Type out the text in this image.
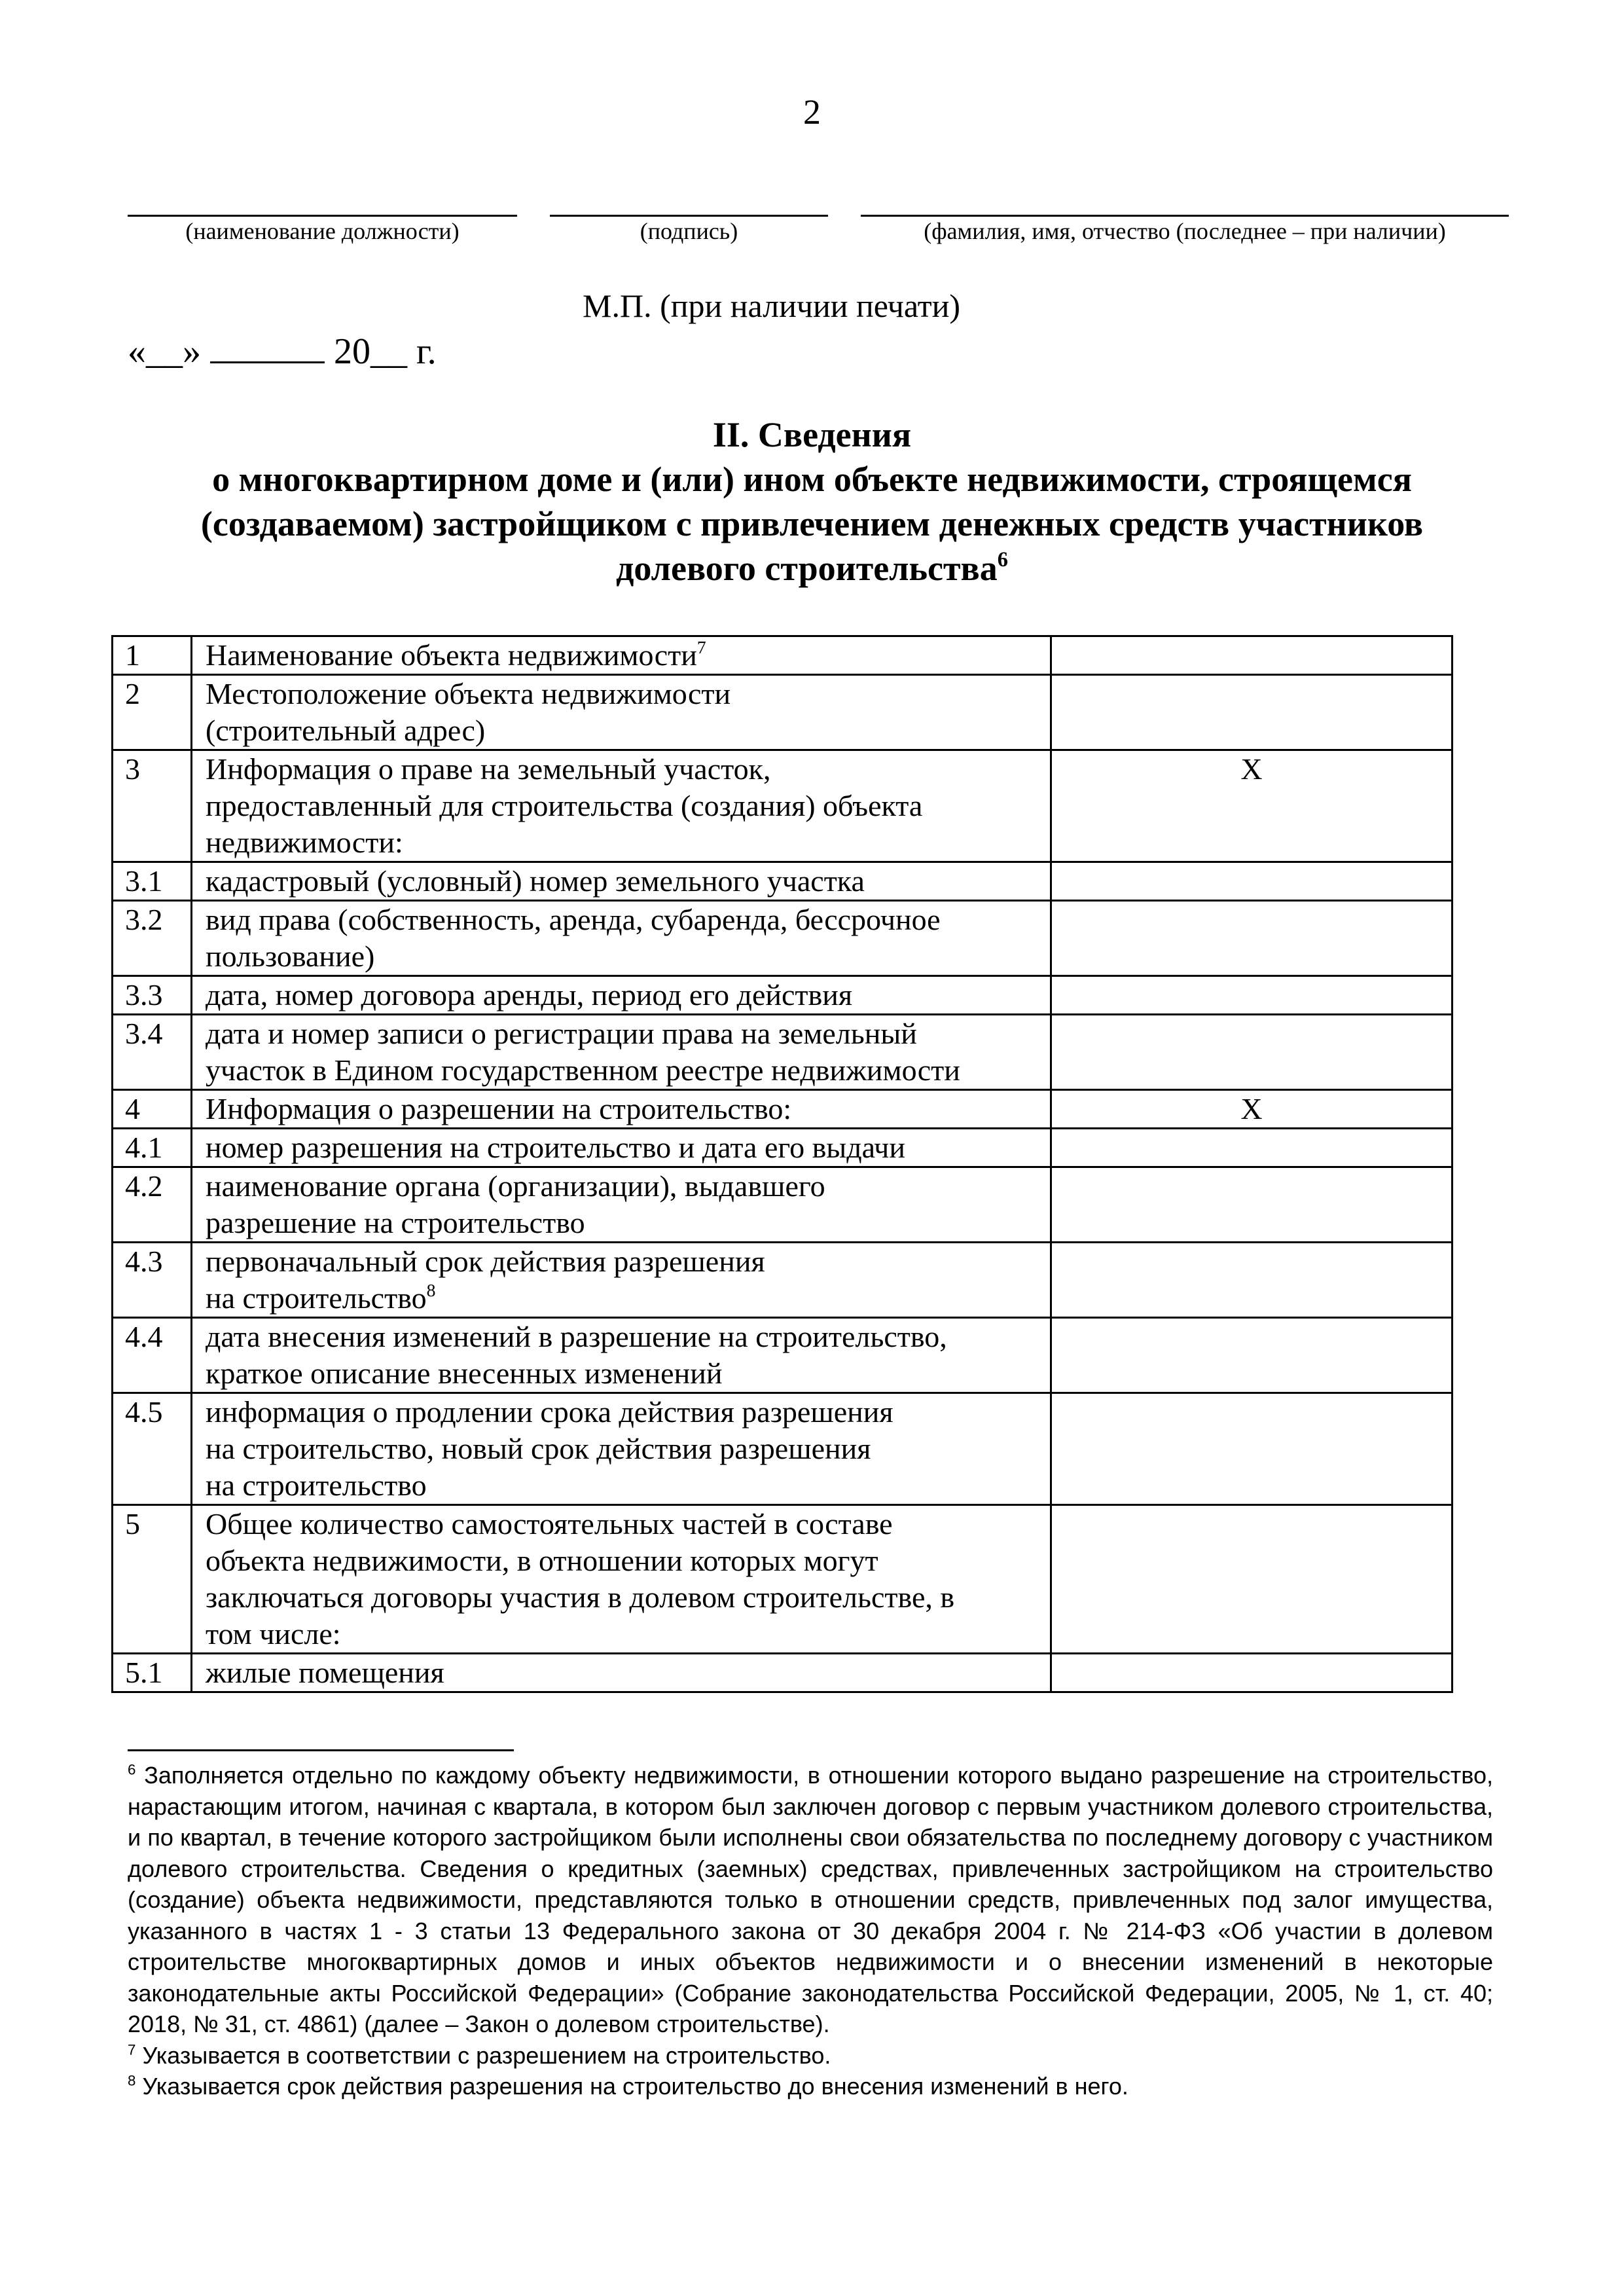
2
(наименование должности)	(подпись)	(фамилия, имя, отчество (последнее – при наличии)
М.П. (при наличии печати)
«__»	20__ г.
II. Сведения
о многоквартирном доме и (или) ином объекте недвижимости, строящемся
(создаваемом) застройщиком с привлечением денежных средств участников
долевого строительства$^6$
1	Наименование объекта недвижимости$^7$

2	Местоположение объекта недвижимости
(строительный адрес)	

3	Информация о праве на земельный участок,
предоставленный для строительства (создания) объекта
недвижимости:	X
3.1	кадастровый (условный) номер земельного участка	

3.2	вид права (собственность, аренда, субаренда, бессрочное
пользование)	

3.3	дата, номер договора аренды, период его действия	

3.4	дата и номер записи о регистрации права на земельный
участок в Едином государственном реестре недвижимости	

4	Информация о разрешении на строительство:	X
4.1	номер разрешения на строительство и дата его выдачи	

4.2	наименование органа (организации), выдавшего
разрешение на строительство	

4.3	первоначальный срок действия разрешения
на строительство$^8$

4.4	дата внесения изменений в разрешение на строительство,
краткое описание внесенных изменений	

4.5	информация о продлении срока действия разрешения
на строительство, новый срок действия разрешения
на строительство	

5	Общее количество самостоятельных частей в составе
объекта недвижимости, в отношении которых могут
заключаться договоры участия в долевом строительстве, в
том числе:	

5.1	жилые помещения	

$^6$ Заполняется отдельно по каждому объекту недвижимости, в отношении которого выдано разрешение на строительство, нарастающим итогом, начиная с квартала, в котором был заключен договор с первым участником долевого строительства, и по квартал, в течение которого застройщиком были исполнены свои обязательства по последнему договору с участником долевого строительства. Сведения о кредитных (заемных) средствах, привлеченных застройщиком на строительство (создание) объекта недвижимости, представляются только в отношении средств, привлеченных под залог имущества, указанного в частях 1 - 3 статьи 13 Федерального закона от 30 декабря 2004 г. № 214-ФЗ «Об участии в долевом строительстве многоквартирных домов и иных объектов недвижимости и о внесении изменений в некоторые законодательные акты Российской Федерации» (Собрание законодательства Российской Федерации, 2005, № 1, ст. 40; 2018, № 31, ст. 4861) (далее – Закон о долевом строительстве).

$^7$ Указывается в соответствии с разрешением на строительство.

$^8$ Указывается срок действия разрешения на строительство до внесения изменений в него.
